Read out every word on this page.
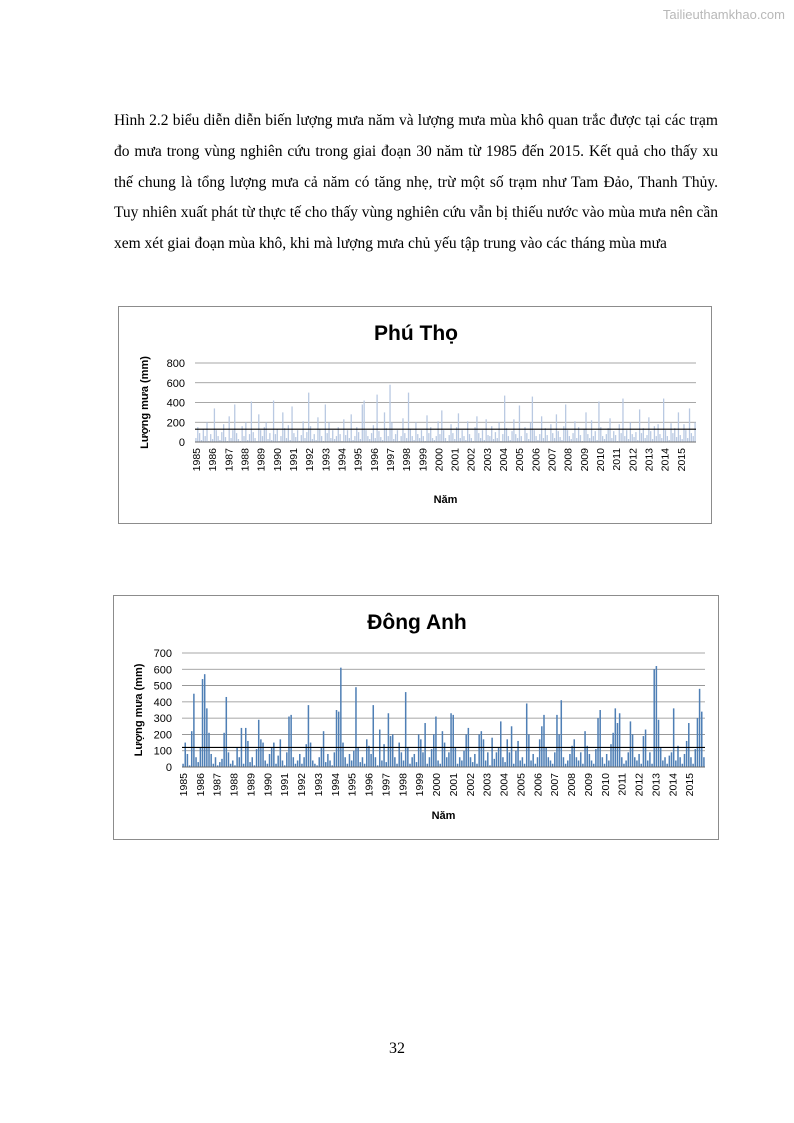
Tailieuthamkhao.com

Hình 2.2 biểu diễn diễn biến lượng mưa năm và lượng mưa mùa khô quan trắc được tại các trạm đo mưa trong vùng nghiên cứu trong giai đoạn 30 năm từ 1985 đến 2015. Kết quả cho thấy xu thế chung là tổng lượng mưa cả năm có tăng nhẹ, trừ một số trạm như Tam Đảo, Thanh Thủy. Tuy nhiên xuất phát từ thực tế cho thấy vùng nghiên cứu vẫn bị thiếu nước vào mùa mưa nên cần xem xét giai đoạn mùa khô, khi mà lượng mưa chủ yếu tập trung vào các tháng mùa mưa

Phú Thọ
0
200
400
600
800
1985 1986 1987 1988 1989 1990 1991 1992 1993 1994 1995 1996 1997 1998 1999 2000 2001 2002 2003 2004 2005 2006 2007 2008 2009 2010 2011 2012 2013 2014 2015
Năm
Lượng mưa (mm)
Đông Anh
0
100
200
300
400
500
600
700
1985 1986 1987 1988 1989 1990 1991 1992 1993 1994 1995 1996 1997 1998 1999 2000 2001 2002 2003 2004 2005 2006 2007 2008 2009 2010 2011 2012 2013 2014 2015
Năm
Lượng mưa (mm)
32
